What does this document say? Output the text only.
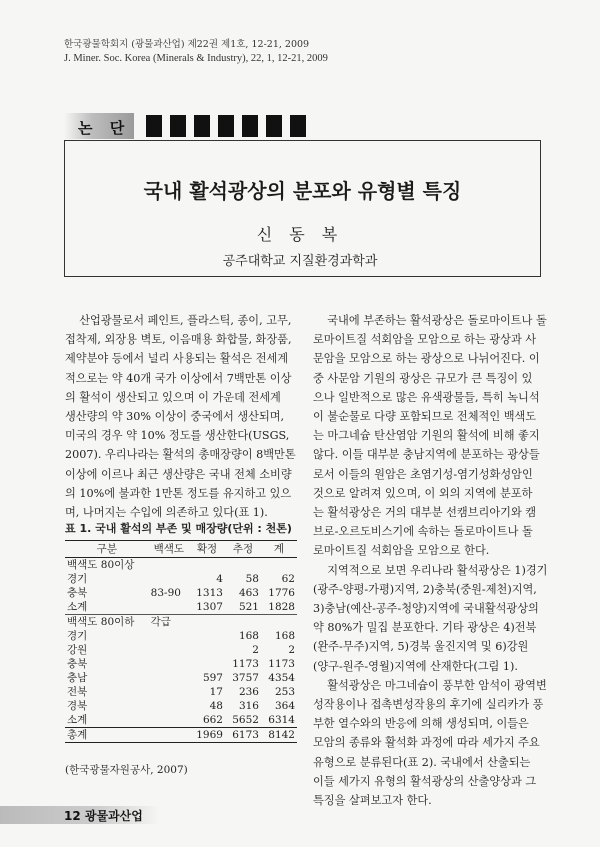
한국광물학회지 (광물과산업) 제22권 제1호, 12-21, 2009
J. Miner. Soc. Korea (Minerals & Industry), 22, 1, 12-21, 2009
논 단
국내 활석광상의 분포와 유형별 특징
신 동 복
공주대학교 지질환경과학과
산업광물로서 페인트, 플라스틱, 종이, 고무,
접착제, 외장용 벽토, 이음매용 화합물, 화장품,
제약분야 등에서 널리 사용되는 활석은 전세계
적으로는 약 40개 국가 이상에서 7백만톤 이상
의 활석이 생산되고 있으며 이 가운데 전세계
생산량의 약 30% 이상이 중국에서 생산되며,
미국의 경우 약 10% 정도를 생산한다(USGS,
2007). 우리나라는 활석의 총매장량이 8백만톤
이상에 이르나 최근 생산량은 국내 전체 소비량
의 10%에 불과한 1만톤 정도를 유지하고 있으
며, 나머지는 수입에 의존하고 있다(표 1).
국내에 부존하는 활석광상은 돌로마이트나 돌
로마이트질 석회암을 모암으로 하는 광상과 사
문암을 모암으로 하는 광상으로 나뉘어진다. 이
중 사문암 기원의 광상은 규모가 큰 특징이 있
으나 일반적으로 많은 유색광물들, 특히 녹니석
이 불순물로 다량 포함되므로 전체적인 백색도
는 마그네슘 탄산염암 기원의 활석에 비해 좋지
않다. 이들 대부분 충남지역에 분포하는 광상들
로서 이들의 원암은 초염기성-염기성화성암인
것으로 알려져 있으며, 이 외의 지역에 분포하
는 활석광상은 거의 대부분 선캠브리아기와 캠
브로-오르도비스기에 속하는 돌로마이트나 돌
로마이트질 석회암을 모암으로 한다.
지역적으로 보면 우리나라 활석광상은 1)경기
(광주-양평-가평)지역, 2)충북(중원-제천)지역,
3)충남(예산-공주-청양)지역에 국내활석광상의
약 80%가 밀집 분포한다. 기타 광상은 4)전북
(완주-무주)지역, 5)경북 울진지역 및 6)강원
(양구-원주-영월)지역에 산재한다(그림 1).
활석광상은 마그네슘이 풍부한 암석이 광역변
성작용이나 접촉변성작용의 후기에 실리카가 풍
부한 열수와의 반응에 의해 생성되며, 이들은
모암의 종류와 활석화 과정에 따라 세가지 주요
유형으로 분류된다(표 2). 국내에서 산출되는
이들 세가지 유형의 활석광상의 산출양상과 그
특징을 살펴보고자 한다.
표 1. 국내 활석의 부존 및 매장량(단위 : 천톤)
구분	백색도	확정	추정	계
백색도 80이상				
경기		4	58	62
충북	83-90	1313	463	1776
소계		1307	521	1828
백색도 80이하	각급			
경기			168	168
강원			2	2
충북			1173	1173
충남		597	3757	4354
전북		17	236	253
경북		48	316	364
소계		662	5652	6314
총계		1969	6173	8142
(한국광물자원공사, 2007)
12 광물과산업
